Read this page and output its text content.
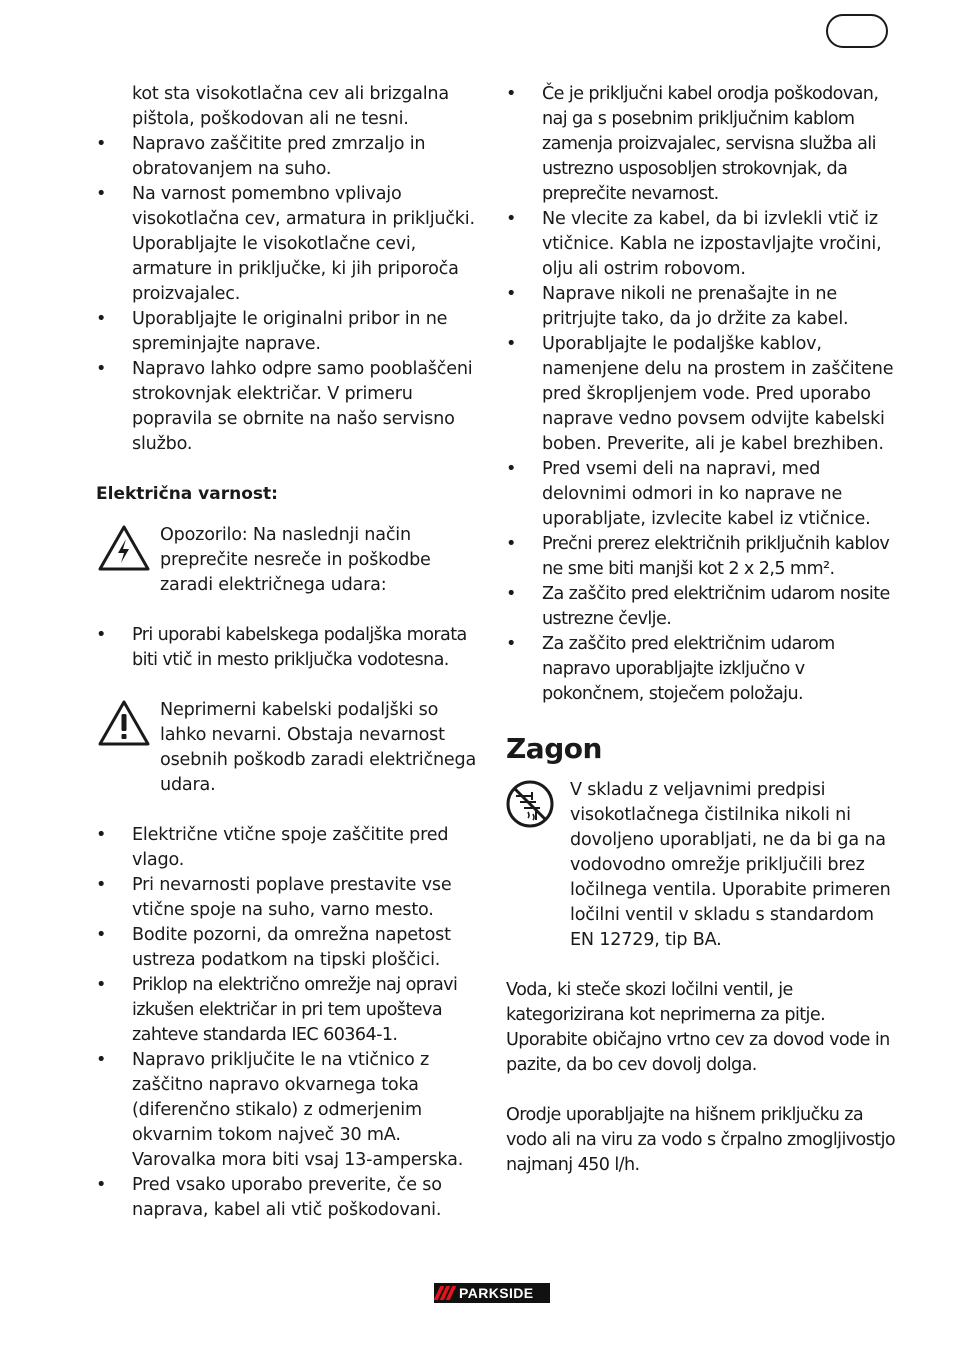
kot sta visokotlačna cev ali brizgalna pištola, poškodovan ali ne tesni.

• Napravo zaščitite pred zmrzaljo in obratovanjem na suho.
• Na varnost pomembno vplivajo visokotlačna cev, armatura in priključki. Uporabljajte le visokotlačne cevi, armature in priključke, ki jih priporoča proizvajalec.
• Uporabljajte le originalni pribor in ne spreminjajte naprave.
• Napravo lahko odpre samo pooblaščeni strokovnjak električar. V primeru popravila se obrnite na našo servisno službo.

Električna varnost:

Opozorilo: Na naslednji način preprečite nesreče in poškodbe zaradi električnega udara:

• Pri uporabi kabelskega podaljška morata biti vtič in mesto priključka vodotesna.

Neprimerni kabelski podaljški so lahko nevarni. Obstaja nevarnost osebnih poškodb zaradi električnega udara.

• Električne vtične spoje zaščitite pred vlago.
• Pri nevarnosti poplave prestavite vse vtične spoje na suho, varno mesto.
• Bodite pozorni, da omrežna napetost ustreza podatkom na tipski ploščici.
• Priklop na električno omrežje naj opravi izkušen električar in pri tem upošteva zahteve standarda IEC 60364-1.
• Napravo priključite le na vtičnico z zaščitno napravo okvarnega toka (diferenčno stikalo) z odmerjenim okvarnim tokom največ 30 mA. Varovalka mora biti vsaj 13-amperska.
• Pred vsako uporabo preverite, če so naprava, kabel ali vtič poškodovani.
• Če je priključni kabel orodja poškodovan, naj ga s posebnim priključnim kablom zamenja proizvajalec, servisna služba ali ustrezno usposobljen strokovnjak, da preprečite nevarnost.
• Ne vlecite za kabel, da bi izvlekli vtič iz vtičnice. Kabla ne izpostavljajte vročini, olju ali ostrim robovom.
• Naprave nikoli ne prenašajte in ne pritrjujte tako, da jo držite za kabel.
• Uporabljajte le podaljške kablov, namenjene delu na prostem in zaščitene pred škropljenjem vode. Pred uporabo naprave vedno povsem odvijte kabelski boben. Preverite, ali je kabel brezhiben.
• Pred vsemi deli na napravi, med delovnimi odmori in ko naprave ne uporabljate, izvlecite kabel iz vtičnice.
• Prečni prerez električnih priključnih kablov ne sme biti manjši kot 2 x 2,5 mm².
• Za zaščito pred električnim udarom nosite ustrezne čevlje.
• Za zaščito pred električnim udarom napravo uporabljajte izključno v pokončnem, stoječem položaju.
Zagon

V skladu z veljavnimi predpisi visokotlačnega čistilnika nikoli ni dovoljeno uporabljati, ne da bi ga na vodovodno omrežje priključili brez ločilnega ventila. Uporabite primeren ločilni ventil v skladu s standardom EN 12729, tip BA.

Voda, ki steče skozi ločilni ventil, je kategorizirana kot neprimerna za pitje. Uporabite običajno vrtno cev za dovod vode in pazite, da bo cev dovolj dolga.

Orodje uporabljajte na hišnem priključku za vodo ali na viru za vodo s črpalno zmogljivostjo najmanj 450 l/h.

PARKSIDE
